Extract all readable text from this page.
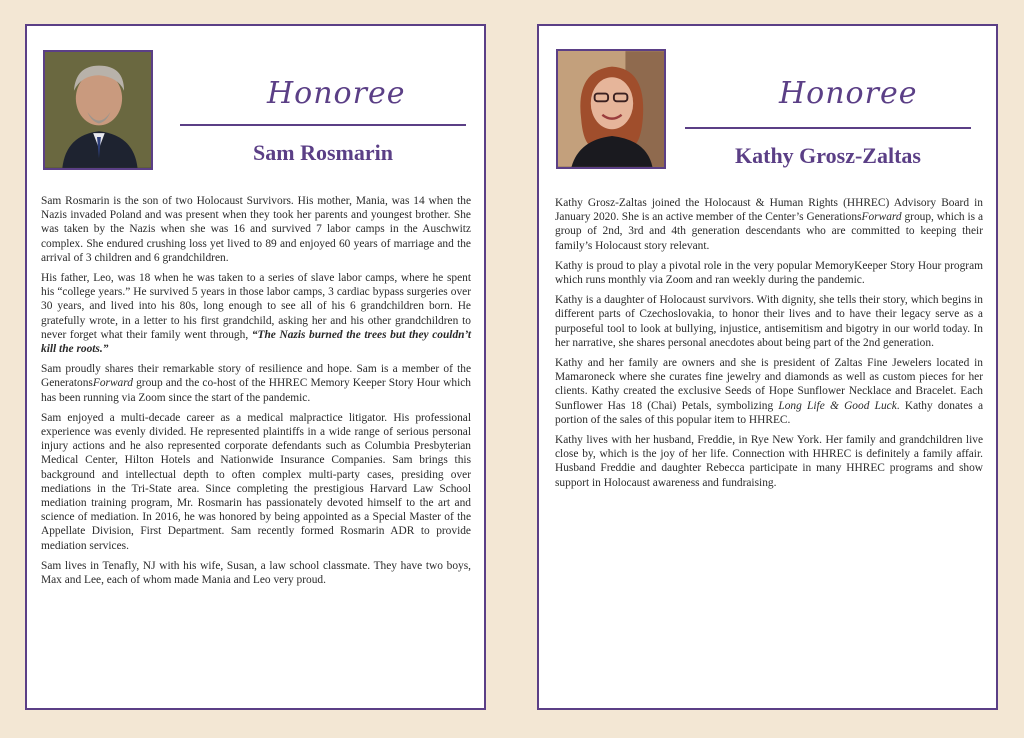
Honoree
Sam Rosmarin

Sam Rosmarin is the son of two Holocaust Survivors. His mother, Mania, was 14 when the Nazis invaded Poland and was present when they took her parents and youngest brother. She was taken by the Nazis when she was 16 and survived 7 labor camps in the Auschwitz complex. She endured crushing loss yet lived to 89 and enjoyed 60 years of marriage and the arrival of 3 children and 6 grandchildren.

His father, Leo, was 18 when he was taken to a series of slave labor camps, where he spent his “college years.” He survived 5 years in those labor camps, 3 cardiac bypass surgeries over 30 years, and lived into his 80s, long enough to see all of his 6 grandchildren born. He gratefully wrote, in a letter to his first grandchild, asking her and his other grandchildren to never forget what their family went through, “The Nazis burned the trees but they couldn’t kill the roots.”

Sam proudly shares their remarkable story of resilience and hope. Sam is a member of the GeneratonsForward group and the co-host of the HHREC Memory Keeper Story Hour which has been running via Zoom since the start of the pandemic.

Sam enjoyed a multi-decade career as a medical malpractice litigator. His professional experience was evenly divided. He represented plaintiffs in a wide range of serious personal injury actions and he also represented corporate defendants such as Columbia Presbyterian Medical Center, Hilton Hotels and Nationwide Insurance Companies. Sam brings this background and intellectual depth to often complex multi-party cases, presiding over mediations in the Tri-State area. Since completing the prestigious Harvard Law School mediation training program, Mr. Rosmarin has passionately devoted himself to the art and science of mediation. In 2016, he was honored by being appointed as a Special Master of the Appellate Division, First Department. Sam recently formed Rosmarin ADR to provide mediation services.

Sam lives in Tenafly, NJ with his wife, Susan, a law school classmate. They have two boys, Max and Lee, each of whom made Mania and Leo very proud.

Honoree
Kathy Grosz-Zaltas

Kathy Grosz-Zaltas joined the Holocaust & Human Rights (HHREC) Advisory Board in January 2020. She is an active member of the Center’s GenerationsForward group, which is a group of 2nd, 3rd and 4th generation descendants who are committed to keeping their family’s Holocaust story relevant.

Kathy is proud to play a pivotal role in the very popular MemoryKeeper Story Hour program which runs monthly via Zoom and ran weekly during the pandemic.

Kathy is a daughter of Holocaust survivors. With dignity, she tells their story, which begins in different parts of Czechoslovakia, to honor their lives and to have their legacy serve as a purposeful tool to look at bullying, injustice, antisemitism and bigotry in our world today. In her narrative, she shares personal anecdotes about being part of the 2nd generation.

Kathy and her family are owners and she is president of Zaltas Fine Jewelers located in Mamaroneck where she curates fine jewelry and diamonds as well as custom pieces for her clients. Kathy created the exclusive Seeds of Hope Sunflower Necklace and Bracelet. Each Sunflower Has 18 (Chai) Petals, symbolizing Long Life & Good Luck. Kathy donates a portion of the sales of this popular item to HHREC.

Kathy lives with her husband, Freddie, in Rye New York. Her family and grandchildren live close by, which is the joy of her life. Connection with HHREC is definitely a family affair. Husband Freddie and daughter Rebecca participate in many HHREC programs and show support in Holocaust awareness and fundraising.
